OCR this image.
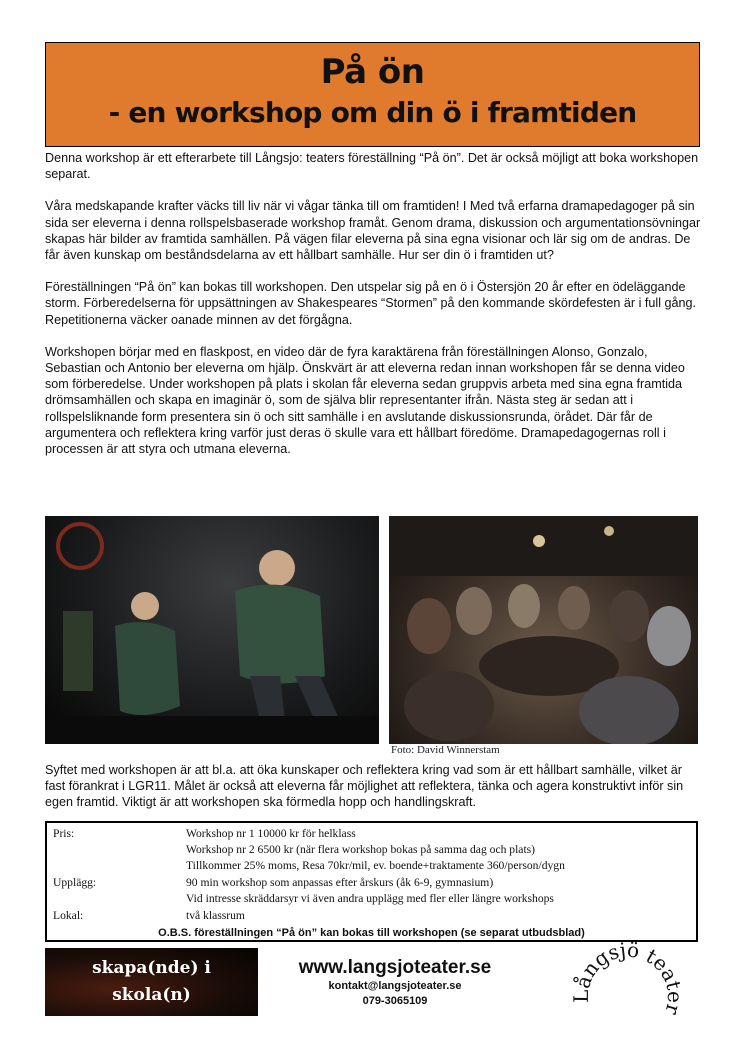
På ön
- en workshop om din ö i framtiden

Denna workshop är ett efterarbete till Långsjo: teaters föreställning “På ön”. Det är också möjligt att boka workshopen separat.

Våra medskapande krafter väcks till liv när vi vågar tänka till om framtiden! I Med två erfarna dramapedagoger på sin sida ser eleverna i denna rollspelsbaserade workshop framåt. Genom drama, diskussion och argumentationsövningar skapas här bilder av framtida samhällen. På vägen filar eleverna på sina egna visionar och lär sig om de andras. De får även kunskap om beståndsdelarna av ett hållbart samhälle. Hur ser din ö i framtiden ut?

Föreställningen “På ön” kan bokas till workshopen. Den utspelar sig på en ö i Östersjön 20 år efter en ödeläggande storm. Förberedelserna för uppsättningen av Shakespeares “Stormen” på den kommande skördefesten är i full gång. Repetitionerna väcker oanade minnen av det förgågna.

Workshopen börjar med en flaskpost, en video där de fyra karaktärena från föreställningen Alonso, Gonzalo, Sebastian och Antonio ber eleverna om hjälp. Önskvärt är att eleverna redan innan workshopen får se denna video som förberedelse. Under workshopen på plats i skolan får eleverna sedan gruppvis arbeta med sina egna framtida drömsamhällen och skapa en imaginär ö, som de själva blir representanter ifrån. Nästa steg är sedan att i rollspelsliknande form presentera sin ö och sitt samhälle i en avslutande diskussionsrunda, örådet. Där får de argumentera och reflektera kring varför just deras ö skulle vara ett hållbart föredöme. Dramapedagogernas roll i processen är att styra och utmana eleverna.

Foto: David Winnerstam
Syftet med workshopen är att bl.a. att öka kunskaper och reflektera kring vad som är ett hållbart samhälle, vilket är fast förankrat i LGR11. Målet är också att eleverna får möjlighet att reflektera, tänka och agera konstruktivt inför sin egen framtid. Viktigt är att workshopen ska förmedla hopp och handlingskraft.
Pris:	Workshop nr 1 10000 kr för helklass
Workshop nr 2 6500 kr (när flera workshop bokas på samma dag och plats)
Tillkommer 25% moms, Resa 70kr/mil, ev. boende+traktamente 360/person/dygn
Upplägg:	90 min workshop som anpassas efter årskurs (åk 6-9, gymnasium)
Vid intresse skräddarsyr vi även andra upplägg med fler eller längre workshops
Lokal:	två klassrum
O.B.S. föreställningen “På ön” kan bokas till workshopen (se separat utbudsblad)
skapa(nde) i
skola(n)
www.langsjoteater.se
kontakt@langsjoteater.se
079-3065109
ngsjö tea
